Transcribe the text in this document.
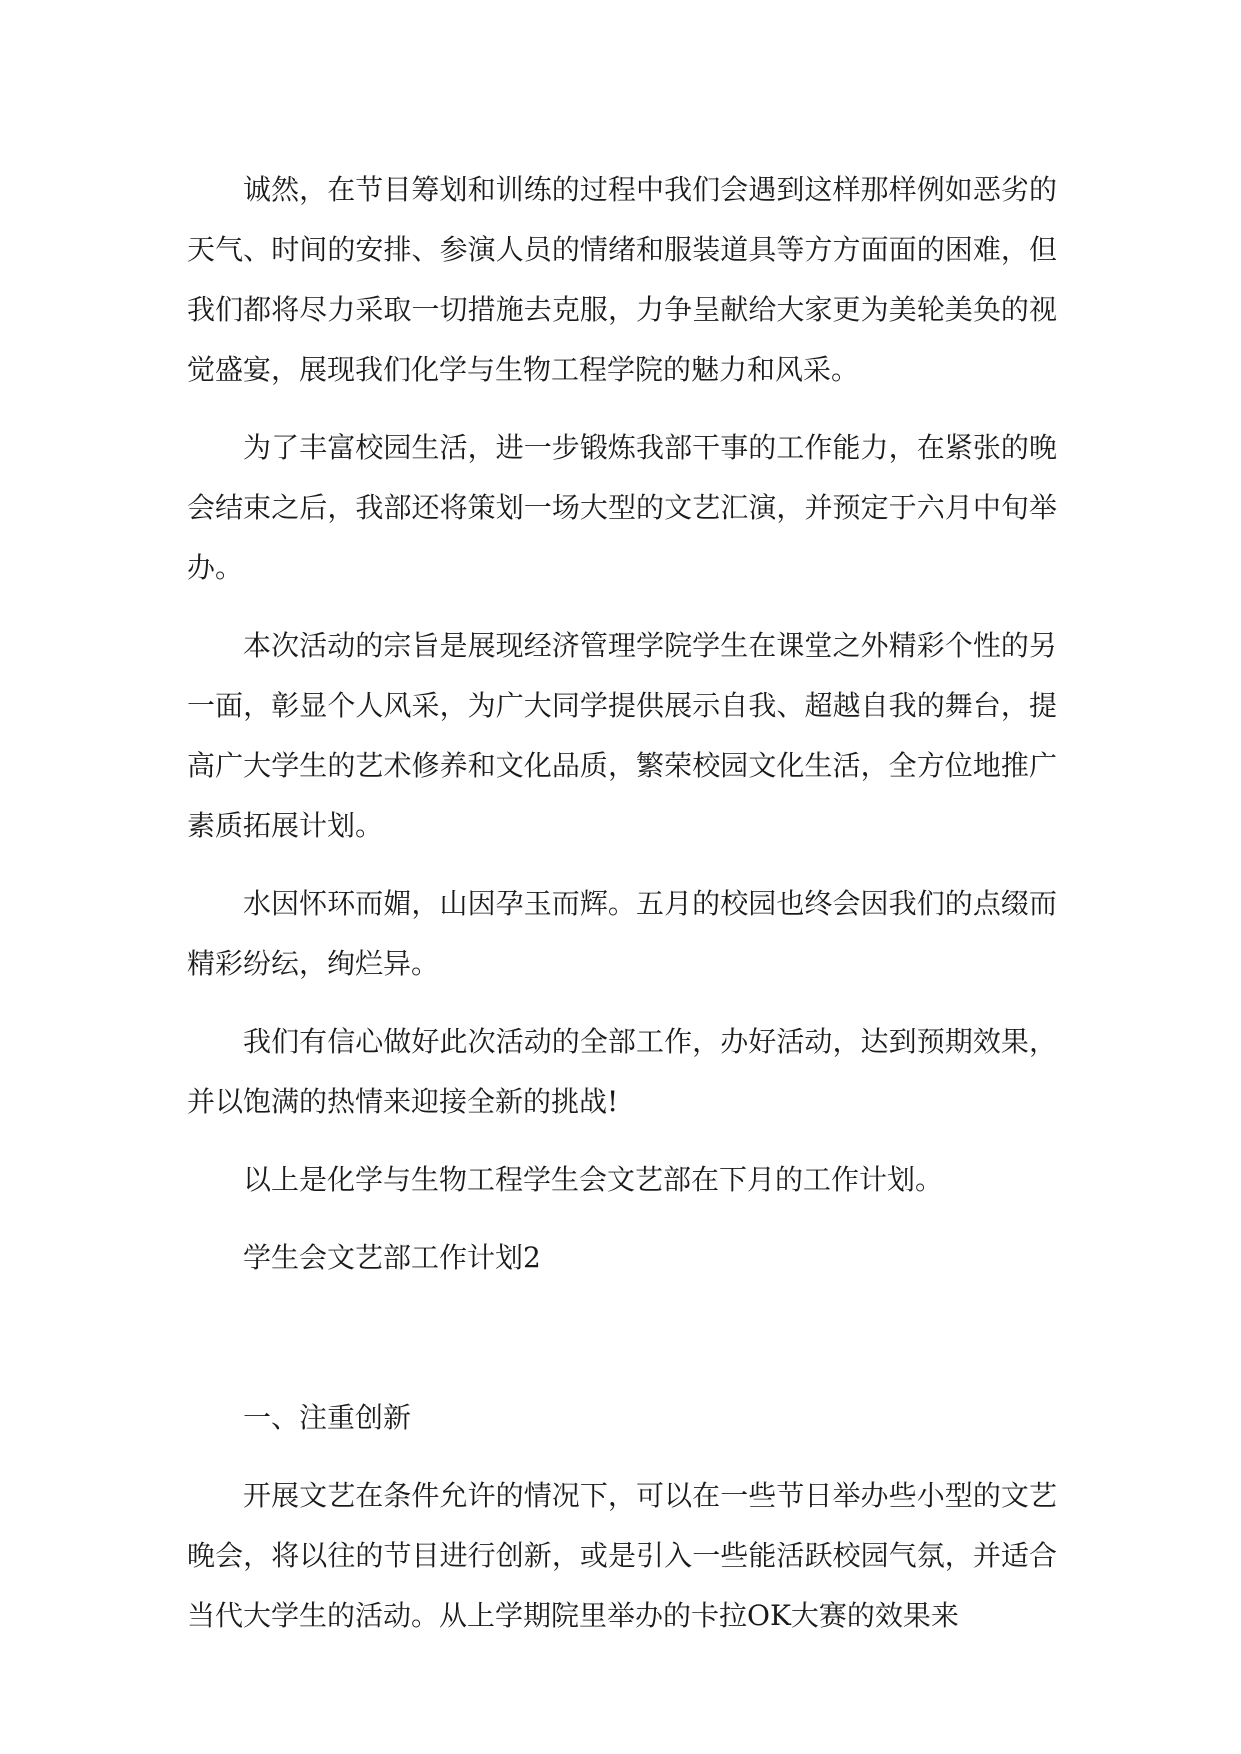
诚然，在节目筹划和训练的过程中我们会遇到这样那样例如恶劣的天气、时间的安排、参演人员的情绪和服装道具等方方面面的困难，但我们都将尽力采取一切措施去克服，力争呈献给大家更为美轮美奂的视觉盛宴，展现我们化学与生物工程学院的魅力和风采。

为了丰富校园生活，进一步锻炼我部干事的工作能力，在紧张的晚会结束之后，我部还将策划一场大型的文艺汇演，并预定于六月中旬举办。

本次活动的宗旨是展现经济管理学院学生在课堂之外精彩个性的另一面，彰显个人风采，为广大同学提供展示自我、超越自我的舞台，提高广大学生的艺术修养和文化品质，繁荣校园文化生活，全方位地推广素质拓展计划。

水因怀环而媚，山因孕玉而辉。五月的校园也终会因我们的点缀而精彩纷纭，绚烂异。

我们有信心做好此次活动的全部工作，办好活动，达到预期效果，并以饱满的热情来迎接全新的挑战!

以上是化学与生物工程学生会文艺部在下月的工作计划。

学生会文艺部工作计划2

一、注重创新

开展文艺在条件允许的情况下，可以在一些节日举办些小型的文艺晚会，将以往的节目进行创新，或是引入一些能活跃校园气氛，并适合当代大学生的活动。从上学期院里举办的卡拉OK大赛的效果来
